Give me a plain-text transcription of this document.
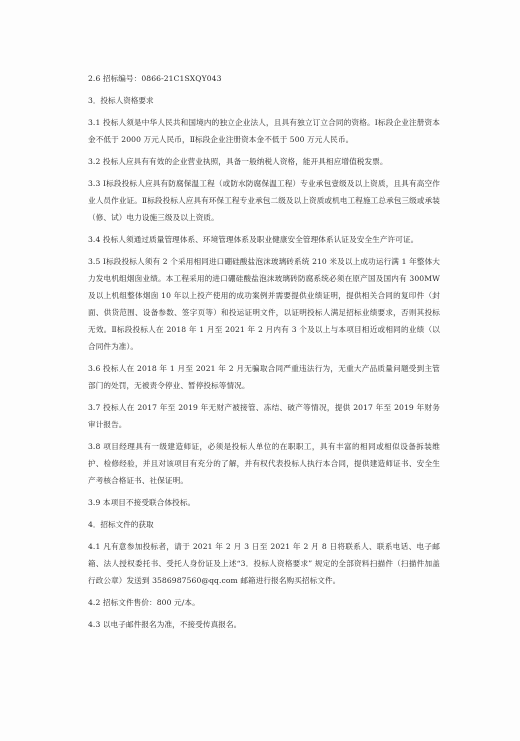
2.6 招标编号：0866-21C1SXQY043

3．投标人资格要求

3.1 投标人须是中华人民共和国境内的独立企业法人，且具有独立订立合同的资格。Ⅰ标段企业注册资本金不低于 2000 万元人民币，Ⅱ标段企业注册资本金不低于 500 万元人民币。

3.2 投标人应具有有效的企业营业执照，具备一般纳税人资格，能开具相应增值税发票。

3.3 Ⅰ标段投标人应具有防腐保温工程（或防水防腐保温工程）专业承包壹级及以上资质，且具有高空作业人员作业证。Ⅱ标段投标人应具有环保工程专业承包二级及以上资质或机电工程施工总承包三级或承装（修、试）电力设施三级及以上资质。

3.4 投标人须通过质量管理体系、环境管理体系及职业健康安全管理体系认证及安全生产许可证。

3.5 Ⅰ标段投标人须有 2 个采用相同进口硼硅酸盐泡沫玻璃砖系统 210 米及以上成功运行满 1 年整体大力发电机组烟囱业绩。本工程采用的进口硼硅酸盐泡沫玻璃砖防腐系统必须在原产国及国内有 300MW 及以上机组整体烟囱 10 年以上投产使用的成功案例并需要提供业绩证明，提供相关合同的复印件（封面、供货范围、设备参数、签字页等）和投运证明文件，以证明投标人满足招标业绩要求，否则其投标无效。Ⅱ标段投标人在 2018 年 1 月至 2021 年 2 月内有 3 个及以上与本项目相近或相同的业绩（以合同件为准）。

3.6 投标人在 2018 年 1 月至 2021 年 2 月无骗取合同严重违法行为，无重大产品质量问题受到主管部门的处罚，无被责令停业、暂停投标等情况。

3.7 投标人在 2017 年至 2019 年无财产被接管、冻结、破产等情况，提供 2017 年至 2019 年财务审计报告。

3.8 项目经理具有一级建造师证，必须是投标人单位的在职职工，具有丰富的相同或相似设备拆装维护、检修经验，并且对该项目有充分的了解，并有权代表投标人执行本合同，提供建造师证书、安全生产考核合格证书、社保证明。

3.9 本项目不接受联合体投标。

4．招标文件的获取

4.1 凡有意参加投标者，请于 2021 年 2 月 3 日至 2021 年 2 月 8 日将联系人、联系电话、电子邮箱、法人授权委托书、受托人身份证及上述“3．投标人资格要求” 规定的全部资料扫描件（扫描件加盖行政公章）发送到 3586987560@qq.com 邮箱进行报名购买招标文件。

4.2 招标文件售价：800 元/本。

4.3 以电子邮件报名为准，不接受传真报名。
